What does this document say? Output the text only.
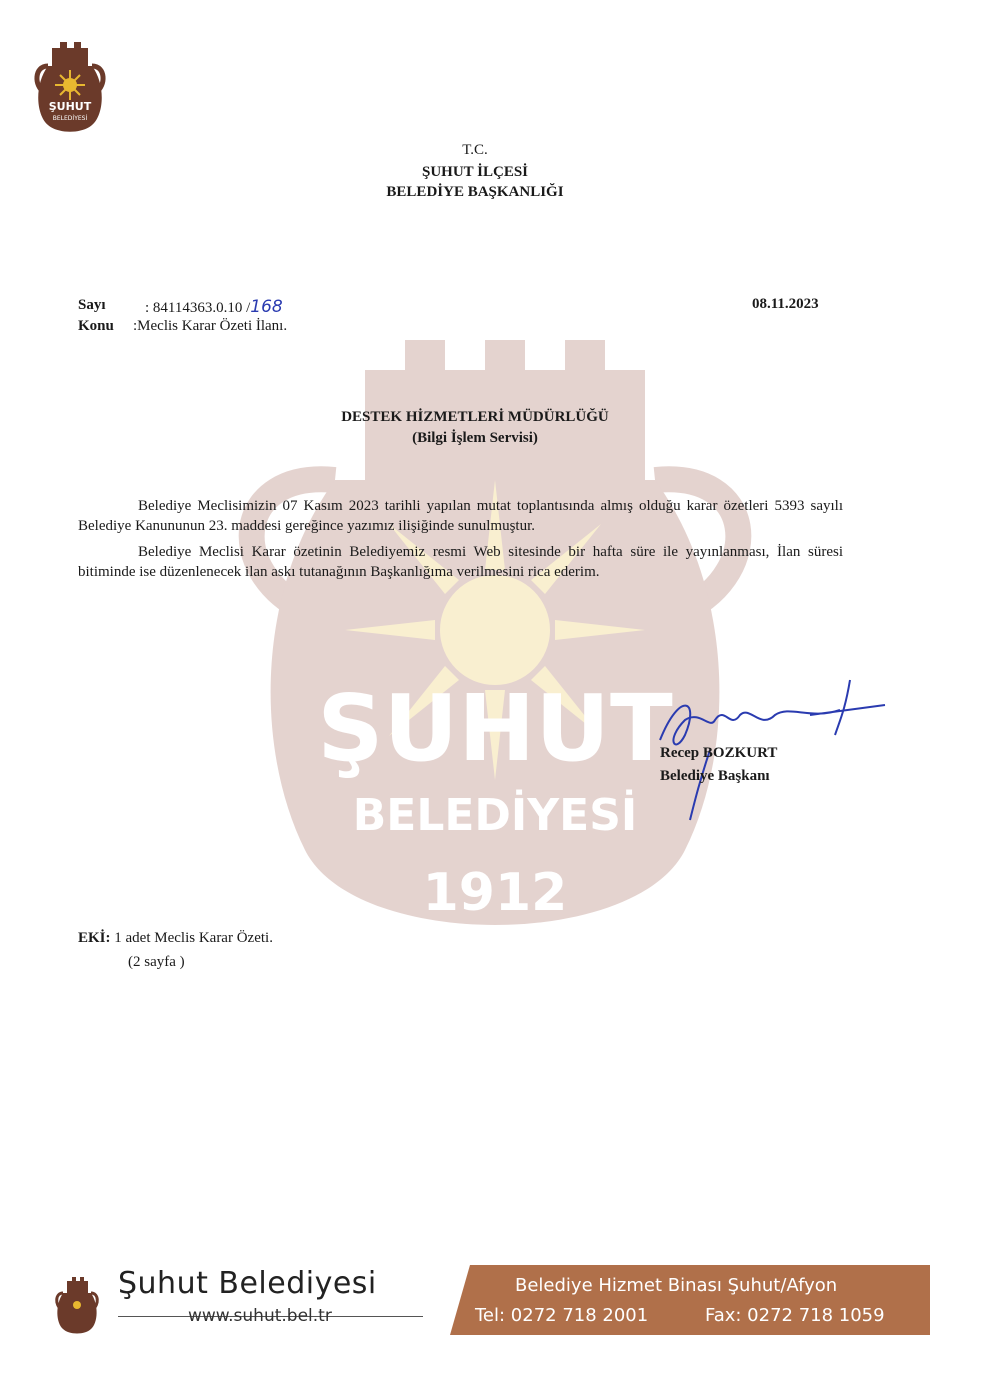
ŞUHUT
BELEDİYESİ
1912
ŞUHUT
BELEDİYESİ
T.C.
ŞUHUT İLÇESİ
BELEDİYE BAŞKANLIĞI
Sayı	: 84114363.0.10 /168	08.11.2023
Konu :Meclis Karar Özeti İlanı.
DESTEK HİZMETLERİ MÜDÜRLÜĞÜ
(Bilgi İşlem Servisi)
Belediye Meclisimizin 07 Kasım 2023 tarihli yapılan mutat toplantısında almış olduğu karar özetleri 5393 sayılı Belediye Kanununun 23. maddesi gereğince yazımız ilişiğinde sunulmuştur.
Belediye Meclisi Karar özetinin Belediyemiz resmi Web sitesinde bir hafta süre ile yayınlanması, İlan süresi bitiminde ise düzenlenecek ilan askı tutanağının Başkanlığıma verilmesini rica ederim.
Recep BOZKURT
Belediye Başkanı
EKİ: 1 adet Meclis Karar Özeti.
(2 sayfa )
Şuhut Belediyesi
www.suhut.bel.tr
Belediye Hizmet Binası Şuhut/Afyon
Tel: 0272 718 2001	Fax: 0272 718 1059
